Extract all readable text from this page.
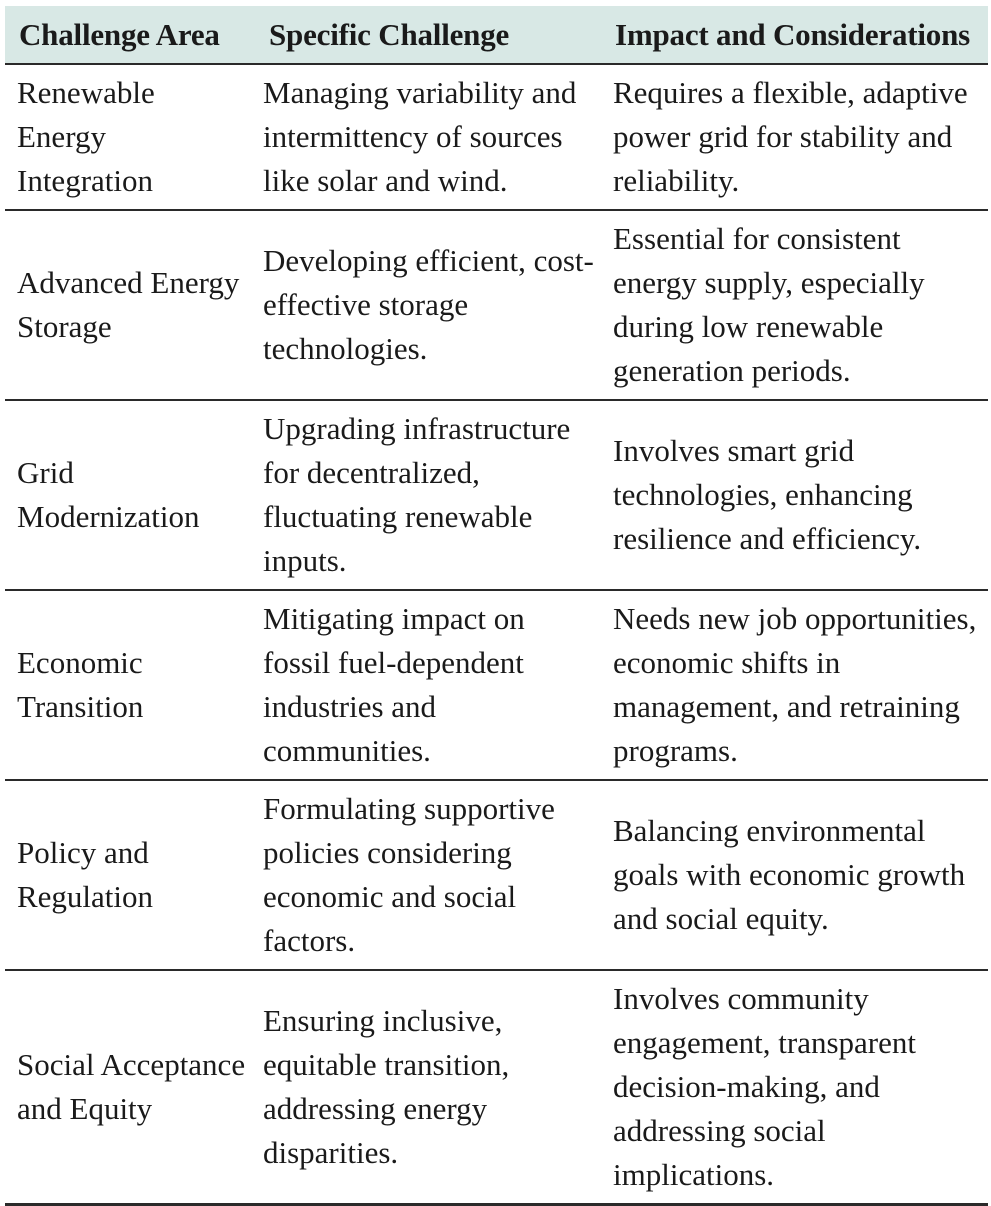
Challenge Area	Specific Challenge	Impact and Considerations
Renewable Energy Integration	Managing variability and intermittency of sources like solar and wind.	Requires a flexible, adaptive power grid for stability and reliability.
Advanced Energy Storage	Developing efficient, cost-effective storage technologies.	Essential for consistent energy supply, especially during low renewable generation periods.
Grid Modernization	Upgrading infrastructure for decentralized, fluctuating renewable inputs.	Involves smart grid technologies, enhancing resilience and efficiency.
Economic Transition	Mitigating impact on fossil fuel-dependent industries and communities.	Needs new job opportunities, economic shifts in management, and retraining programs.
Policy and Regulation	Formulating supportive policies considering economic and social factors.	Balancing environmental goals with economic growth and social equity.
Social Acceptance and Equity	Ensuring inclusive, equitable transition, addressing energy disparities.	Involves community engagement, transparent decision-making, and addressing social implications.
